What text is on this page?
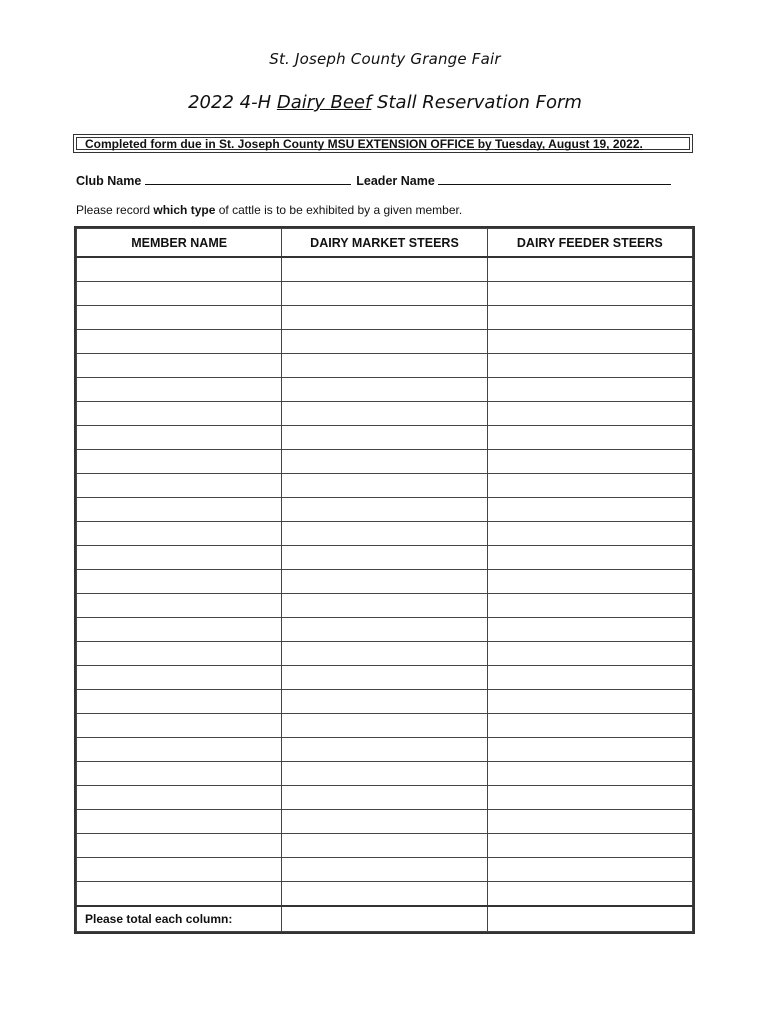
St. Joseph County Grange Fair
2022 4-H Dairy Beef Stall Reservation Form
Completed form due in St. Joseph County MSU EXTENSION OFFICE by Tuesday, August 19, 2022.
Club Name	Leader Name
Please record which type of cattle is to be exhibited by a given member.
MEMBER NAME	DAIRY MARKET STEERS	DAIRY FEEDER STEERS

Please total each column:		
